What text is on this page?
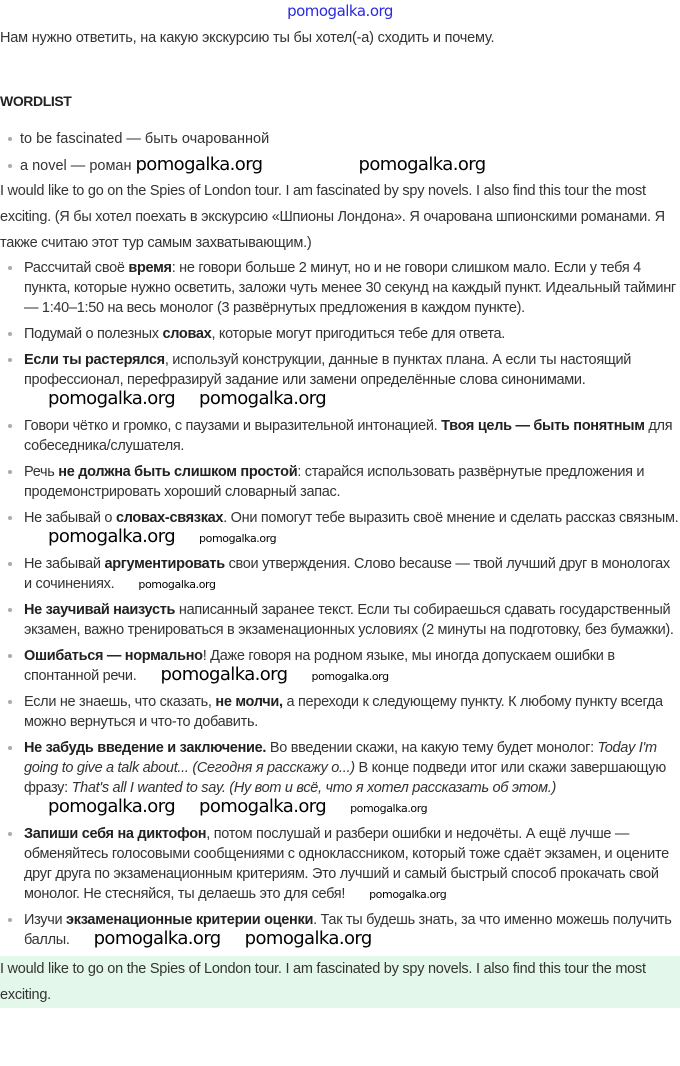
pomogalka.org
Нам нужно ответить, на какую экскурсию ты бы хотел(-а) сходить и почему.
WORDLIST
to be fascinated — быть очарованной
a novel — роман pomogalka.org	pomogalka.org
I would like to go on the Spies of London tour. I am fascinated by spy novels. I also find this tour the most exciting. (Я бы хотел поехать в экскурсию «Шпионы Лондона». Я очарована шпионскими романами. Я также считаю этот тур самым захватывающим.)
Рассчитай своё время: не говори больше 2 минут, но и не говори слишком мало. Если у тебя 4 пункта, которые нужно осветить, заложи чуть менее 30 секунд на каждый пункт. Идеальный тайминг — 1:40–1:50 на весь монолог (3 развёрнутых предложения в каждом пункте).
Подумай о полезных словах, которые могут пригодиться тебе для ответа.
Если ты растерялся, используй конструкции, данные в пунктах плана. А если ты настоящий профессионал, перефразируй задание или замени определённые слова синонимами.pomogalka.org pomogalka.org
Говори чётко и громко, с паузами и выразительной интонацией. Твоя цель — быть понятным для собеседника/слушателя.
Речь не должна быть слишком простой: старайся использовать развёрнутые предложения и продемонстрировать хороший словарный запас.
Не забывай о словах-связках. Они помогут тебе выразить своё мнение и сделать рассказ связным.pomogalka.org pomogalka.org
Не забывай аргументировать свои утверждения. Слово because — твой лучший друг в монологах и сочинениях. pomogalka.org
Не заучивай наизусть написанный заранее текст. Если ты собираешься сдавать государственный экзамен, важно тренироваться в экзаменационных условиях (2 минуты на подготовку, без бумажки).
Ошибаться — нормально! Даже говоря на родном языке, мы иногда допускаем ошибки в спонтанной речи. pomogalka.org pomogalka.org
Если не знаешь, что сказать, не молчи, а переходи к следующему пункту. К любому пункту всегда можно вернуться и что-то добавить.
Не забудь введение и заключение. Во введении скажи, на какую тему будет монолог: Today I'm going to give a talk about... (Сегодня я расскажу о...) В конце подведи итог или скажи завершающую фразу: That's all I wanted to say. (Ну вот и всё, что я хотел рассказать об этом.)pomogalka.org pomogalka.org pomogalka.org
Запиши себя на диктофон, потом послушай и разбери ошибки и недочёты. А ещё лучше — обменяйтесь голосовыми сообщениями с одноклассником, который тоже сдаёт экзамен, и оцените друг друга по экзаменационным критериям. Это лучший и самый быстрый способ прокачать свой монолог. Не стесняйся, ты делаешь это для себя! pomogalka.org
Изучи экзаменационные критерии оценки. Так ты будешь знать, за что именно можешь получить баллы. pomogalka.org pomogalka.org
I would like to go on the Spies of London tour. I am fascinated by spy novels. I also find this tour the most exciting.
